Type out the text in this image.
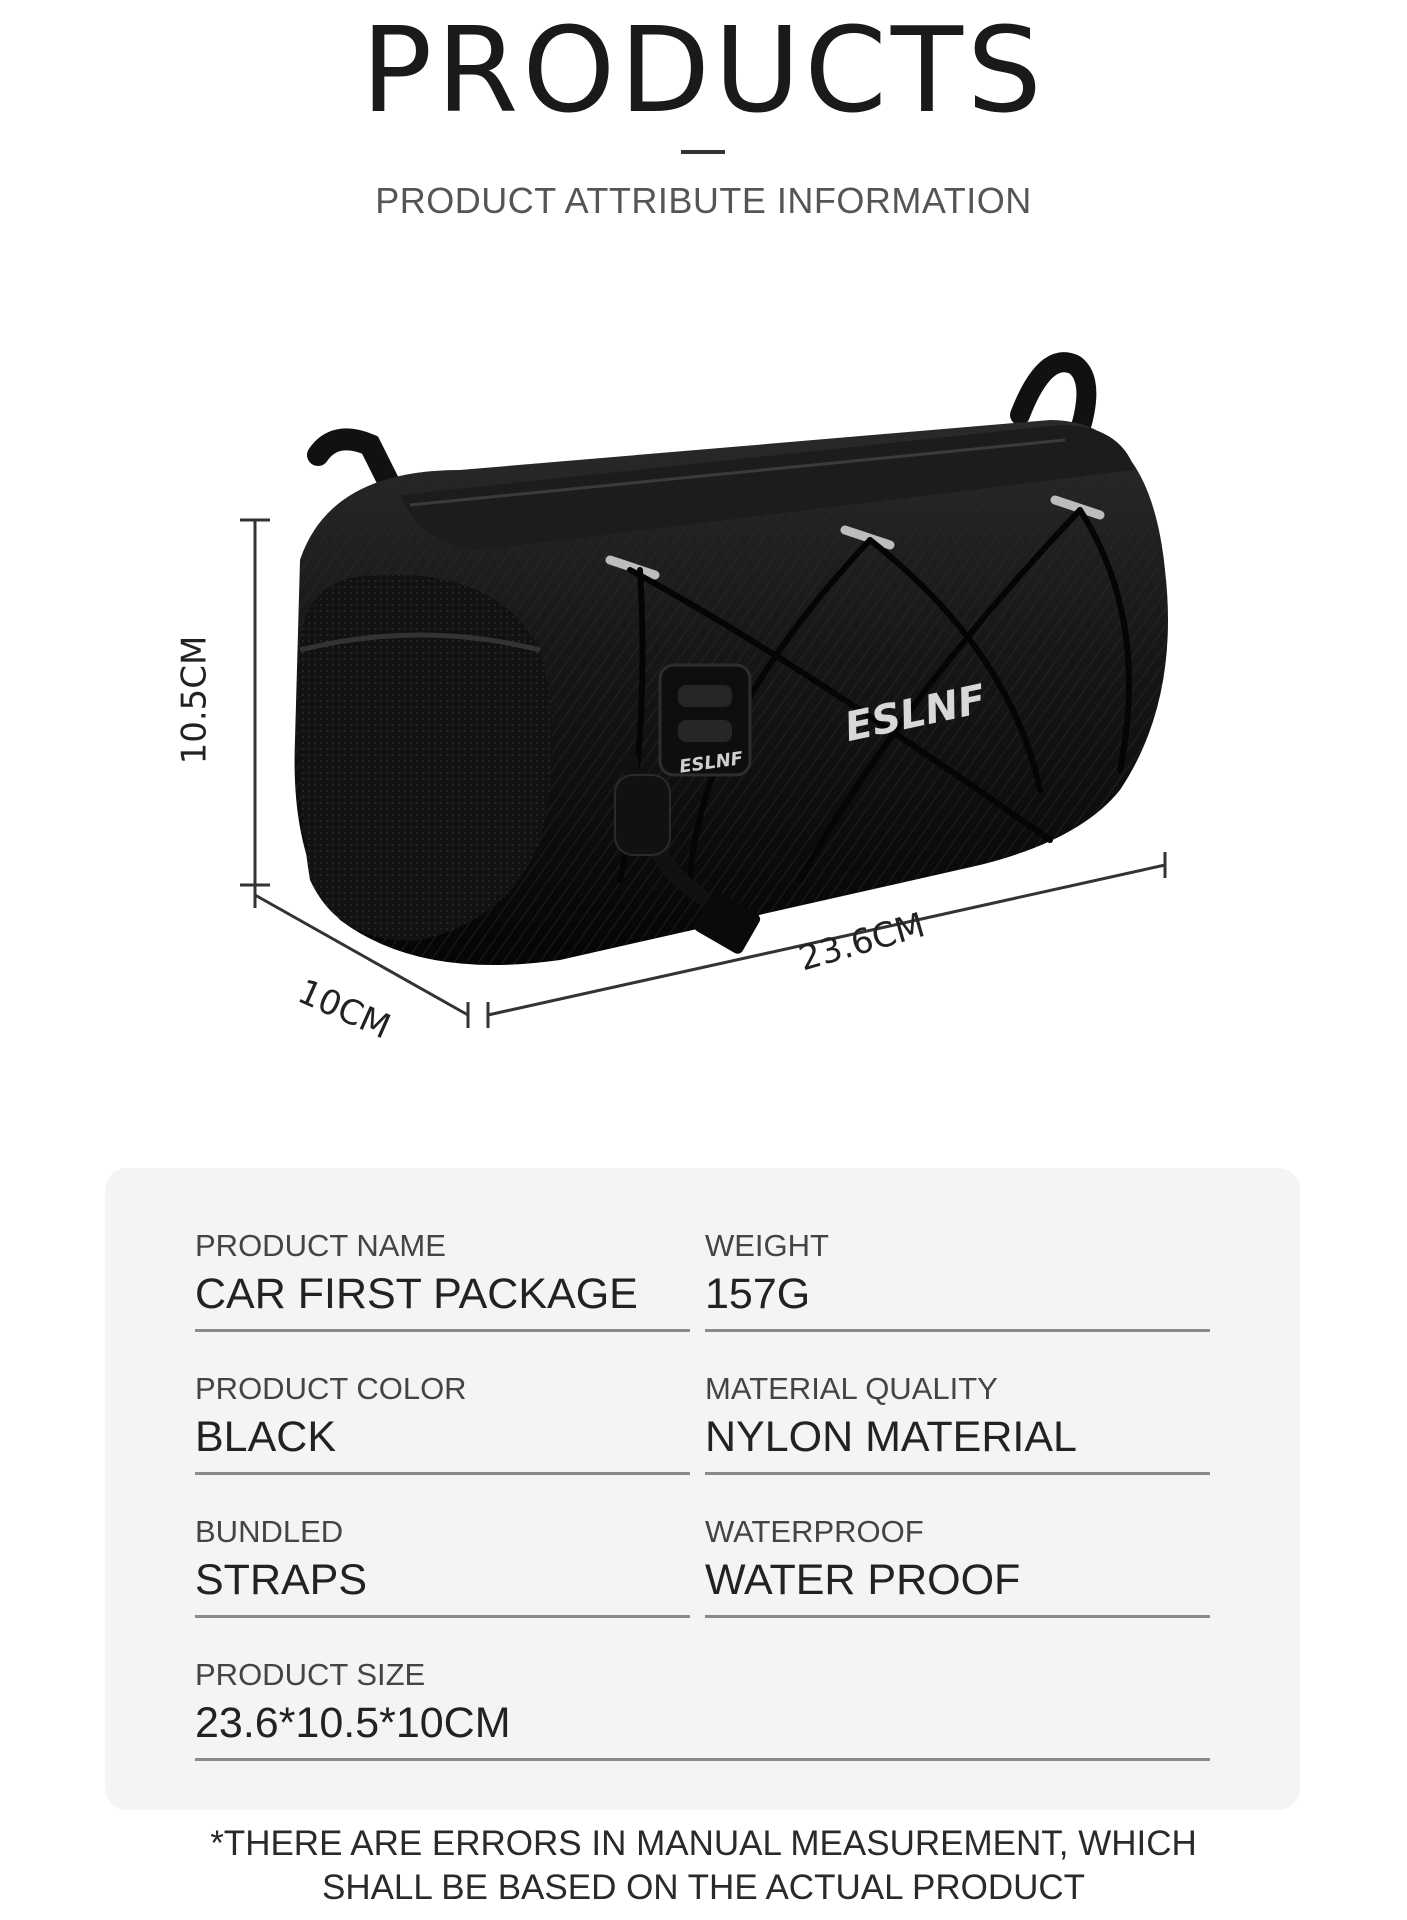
PRODUCTS
PRODUCT ATTRIBUTE INFORMATION
ESLNF
ESLNF
10.5CM
10CM
23.6CM
PRODUCT NAME
CAR FIRST PACKAGE
WEIGHT
157G
PRODUCT COLOR
BLACK
MATERIAL QUALITY
NYLON MATERIAL
BUNDLED
STRAPS
WATERPROOF
WATER PROOF
PRODUCT SIZE
23.6*10.5*10CM
*THERE ARE ERRORS IN MANUAL MEASUREMENT, WHICH
SHALL BE BASED ON THE ACTUAL PRODUCT
